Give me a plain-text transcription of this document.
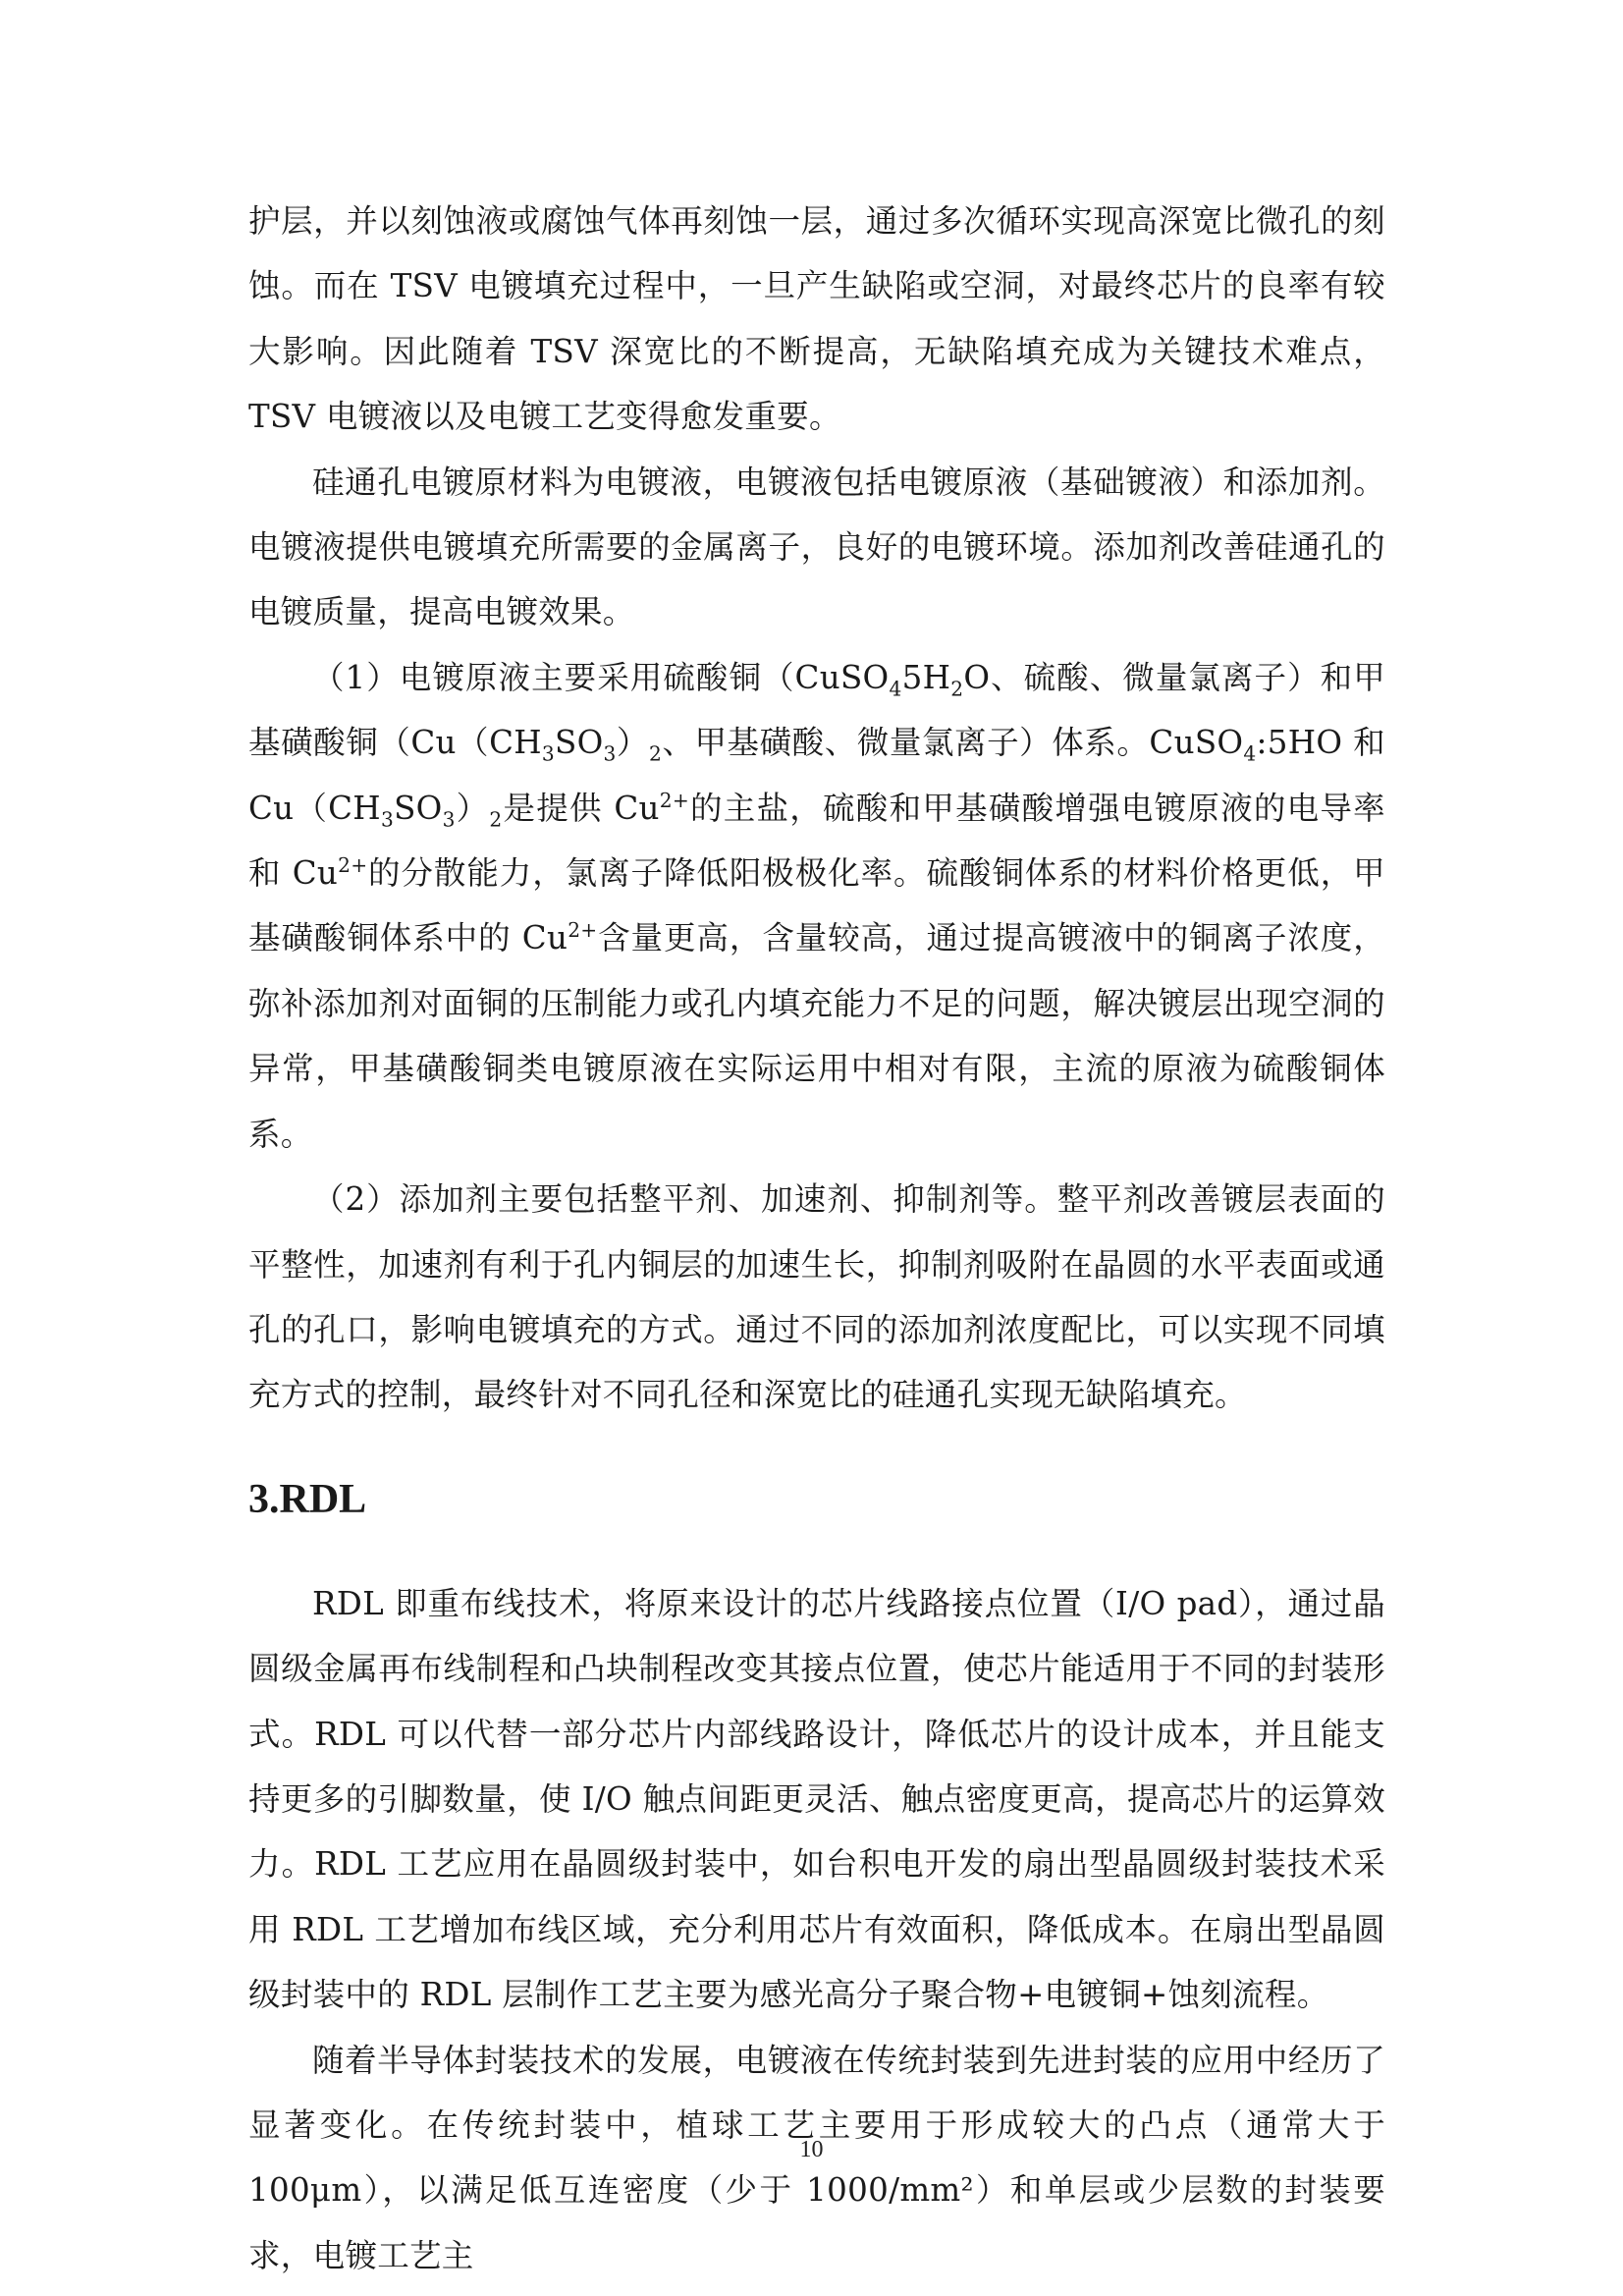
护层，并以刻蚀液或腐蚀气体再刻蚀一层，通过多次循环实现高深宽比微孔的刻蚀。而在 TSV 电镀填充过程中，一旦产生缺陷或空洞，对最终芯片的良率有较大影响。因此随着 TSV 深宽比的不断提高，无缺陷填充成为关键技术难点，TSV 电镀液以及电镀工艺变得愈发重要。

硅通孔电镀原材料为电镀液，电镀液包括电镀原液（基础镀液）和添加剂。电镀液提供电镀填充所需要的金属离子，良好的电镀环境。添加剂改善硅通孔的电镀质量，提高电镀效果。

（1）电镀原液主要采用硫酸铜（$CuSO_45H_2O$、硫酸、微量氯离子）和甲基磺酸铜（$Cu(CH_3SO_3)_2$、甲基磺酸、微量氯离子）体系。CuSO$_4$:5HO 和 $Cu(CH_3SO_3)_2$是提供 $Cu^{2+}$的主盐，硫酸和甲基磺酸增强电镀原液的电导率和 $Cu^{2+}$的分散能力，氯离子降低阳极极化率。硫酸铜体系的材料价格更低，甲基磺酸铜体系中的 $Cu^{2+}$含量更高，含量较高，通过提高镀液中的铜离子浓度，弥补添加剂对面铜的压制能力或孔内填充能力不足的问题，解决镀层出现空洞的异常，甲基磺酸铜类电镀原液在实际运用中相对有限，主流的原液为硫酸铜体系。

（2）添加剂主要包括整平剂、加速剂、抑制剂等。整平剂改善镀层表面的平整性，加速剂有利于孔内铜层的加速生长，抑制剂吸附在晶圆的水平表面或通孔的孔口，影响电镀填充的方式。通过不同的添加剂浓度配比，可以实现不同填充方式的控制，最终针对不同孔径和深宽比的硅通孔实现无缺陷填充。

3.RDL

RDL 即重布线技术，将原来设计的芯片线路接点位置（I/O pad），通过晶圆级金属再布线制程和凸块制程改变其接点位置，使芯片能适用于不同的封装形式。RDL 可以代替一部分芯片内部线路设计，降低芯片的设计成本，并且能支持更多的引脚数量，使 I/O 触点间距更灵活、触点密度更高，提高芯片的运算效力。RDL 工艺应用在晶圆级封装中，如台积电开发的扇出型晶圆级封装技术采用 RDL 工艺增加布线区域，充分利用芯片有效面积，降低成本。在扇出型晶圆级封装中的 RDL 层制作工艺主要为感光高分子聚合物+电镀铜+蚀刻流程。

随着半导体封装技术的发展，电镀液在传统封装到先进封装的应用中经历了显著变化。在传统封装中，植球工艺主要用于形成较大的凸点（通常大于 100μm），以满足低互连密度（少于 1000/mm²）和单层或少层数的封装要求，电镀工艺主

10
